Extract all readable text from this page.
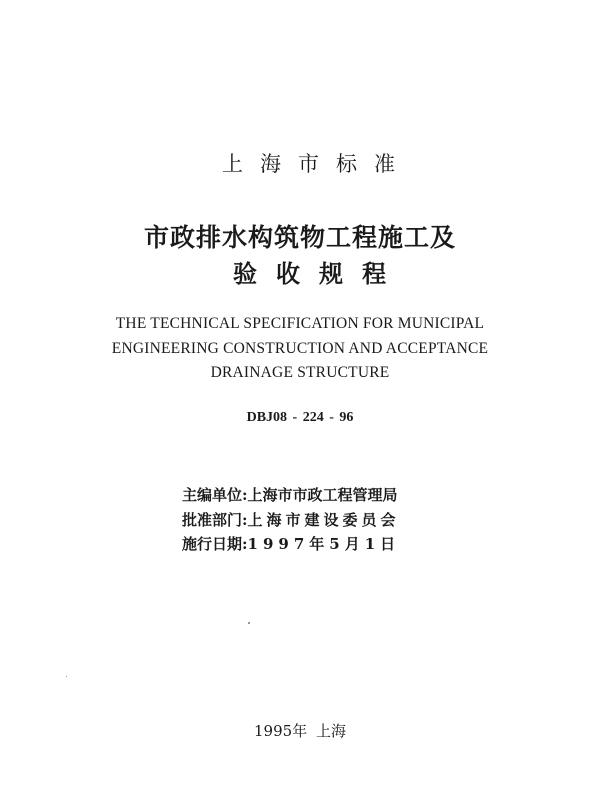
上海市标准
市政排水构筑物工程施工及
验收规程
THE TECHNICAL SPECIFICATION FOR MUNICIPAL
ENGINEERING CONSTRUCTION AND ACCEPTANCE
DRAINAGE STRUCTURE
DBJ08 - 224 - 96
主编单位:上海市市政工程管理局
批准部门:上海市建设委员会
施行日期:1997年5月1日
1995年 上海
